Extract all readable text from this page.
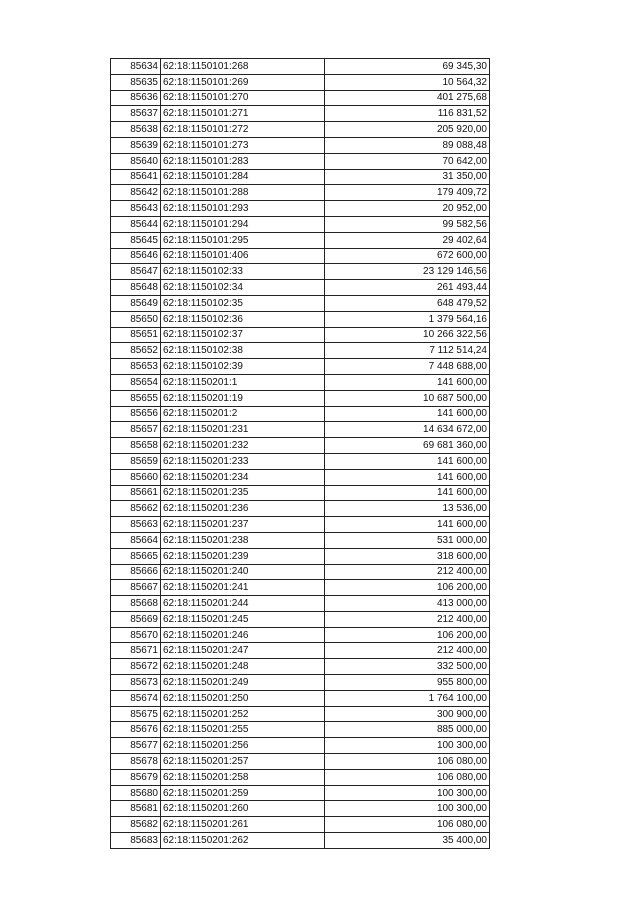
85634	62:18:1150101:268	69 345,30
85635	62:18:1150101:269	10 564,32
85636	62:18:1150101:270	401 275,68
85637	62:18:1150101:271	116 831,52
85638	62:18:1150101:272	205 920,00
85639	62:18:1150101:273	89 088,48
85640	62:18:1150101:283	70 642,00
85641	62:18:1150101:284	31 350,00
85642	62:18:1150101:288	179 409,72
85643	62:18:1150101:293	20 952,00
85644	62:18:1150101:294	99 582,56
85645	62:18:1150101:295	29 402,64
85646	62:18:1150101:406	672 600,00
85647	62:18:1150102:33	23 129 146,56
85648	62:18:1150102:34	261 493,44
85649	62:18:1150102:35	648 479,52
85650	62:18:1150102:36	1 379 564,16
85651	62:18:1150102:37	10 266 322,56
85652	62:18:1150102:38	7 112 514,24
85653	62:18:1150102:39	7 448 688,00
85654	62:18:1150201:1	141 600,00
85655	62:18:1150201:19	10 687 500,00
85656	62:18:1150201:2	141 600,00
85657	62:18:1150201:231	14 634 672,00
85658	62:18:1150201:232	69 681 360,00
85659	62:18:1150201:233	141 600,00
85660	62:18:1150201:234	141 600,00
85661	62:18:1150201:235	141 600,00
85662	62:18:1150201:236	13 536,00
85663	62:18:1150201:237	141 600,00
85664	62:18:1150201:238	531 000,00
85665	62:18:1150201:239	318 600,00
85666	62:18:1150201:240	212 400,00
85667	62:18:1150201:241	106 200,00
85668	62:18:1150201:244	413 000,00
85669	62:18:1150201:245	212 400,00
85670	62:18:1150201:246	106 200,00
85671	62:18:1150201:247	212 400,00
85672	62:18:1150201:248	332 500,00
85673	62:18:1150201:249	955 800,00
85674	62:18:1150201:250	1 764 100,00
85675	62:18:1150201:252	300 900,00
85676	62:18:1150201:255	885 000,00
85677	62:18:1150201:256	100 300,00
85678	62:18:1150201:257	106 080,00
85679	62:18:1150201:258	106 080,00
85680	62:18:1150201:259	100 300,00
85681	62:18:1150201:260	100 300,00
85682	62:18:1150201:261	106 080,00
85683	62:18:1150201:262	35 400,00
